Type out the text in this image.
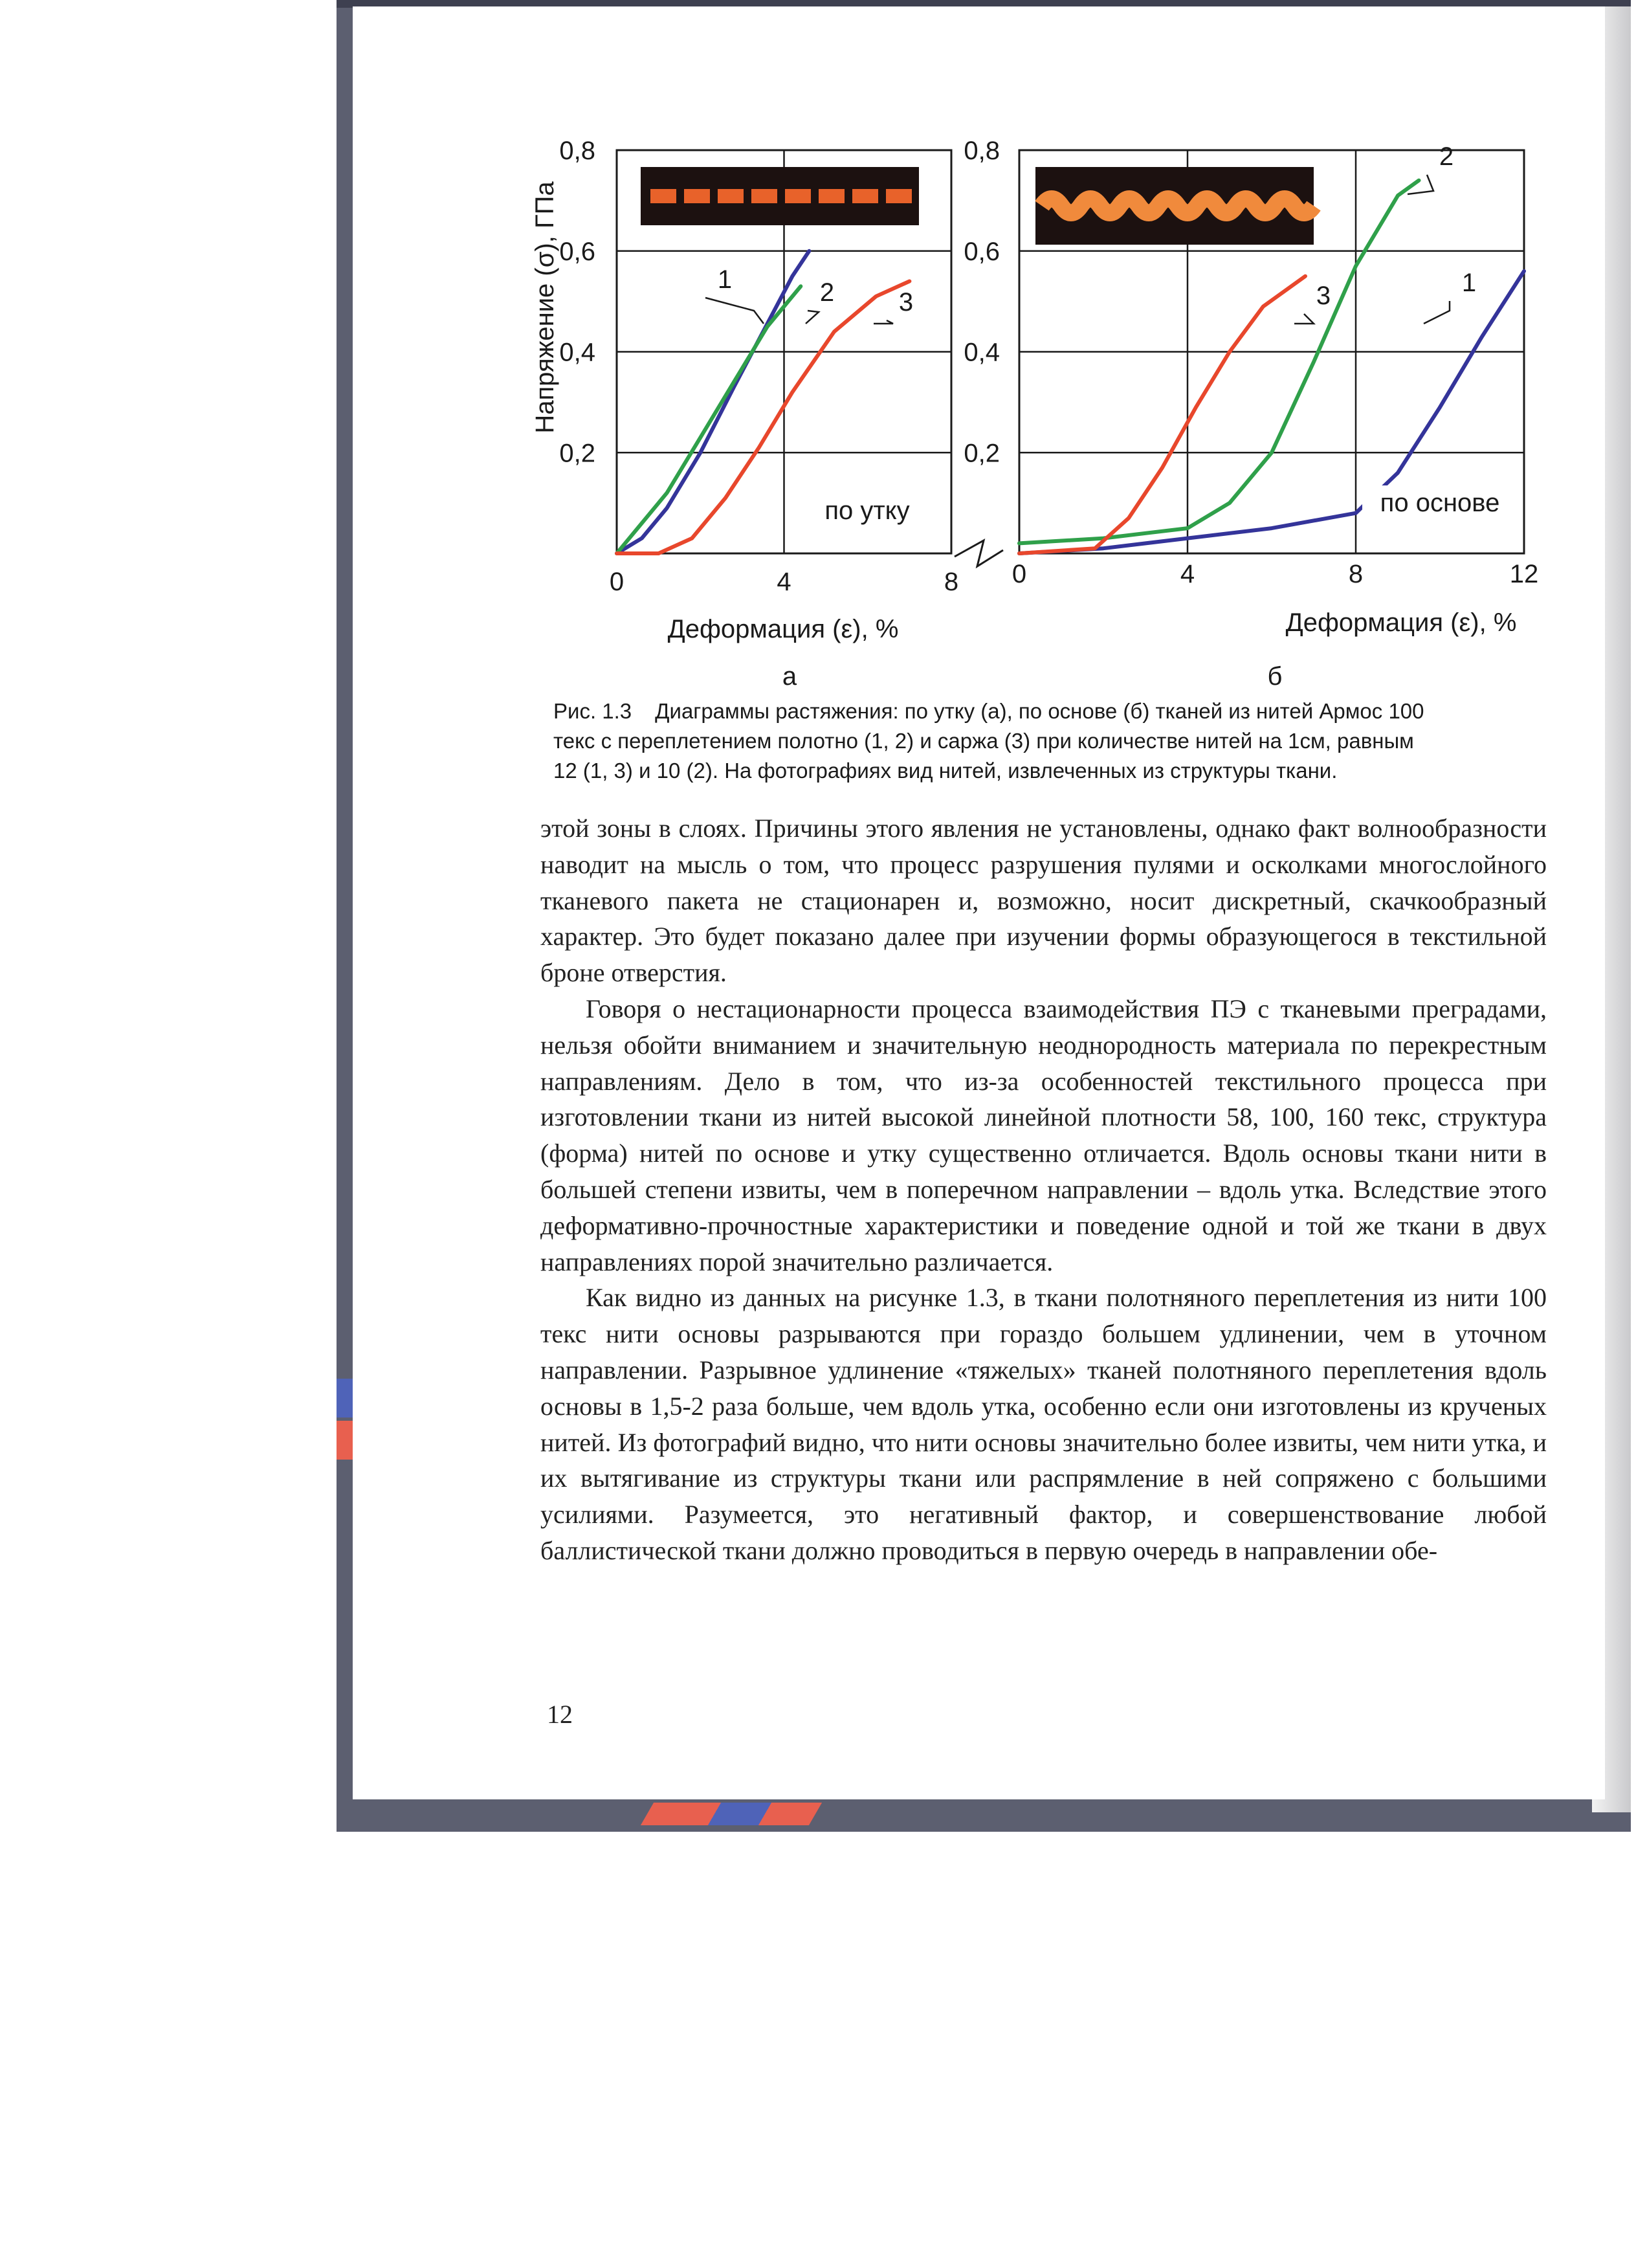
0,8
0,6
0,4
0,2
0	4	8
1	2 3
по утку
Деформация (ε), %
а
0,8
0,6
0,4
0,2
0	4	8	12
2
3	1
по основе
Деформация (ε), %
б
Напряжение (σ), ГПа
Рис. 1.3 Диаграммы растяжения: по утку (а), по основе (б) тканей из нитей Армос 100
текс с переплетением полотно (1, 2) и саржа (3) при количестве нитей на 1см, равным
12 (1, 3) и 10 (2). На фотографиях вид нитей, извлеченных из структуры ткани.

этой зоны в слоях. Причины этого явления не установлены, однако факт волнообразности наводит на мысль о том, что процесс разрушения пулями и осколками многослойного тканевого пакета не стационарен и, возможно, носит дискретный, скачкообразный характер. Это будет показано далее при изучении формы образующегося в текстильной броне отверстия.

Говоря о нестационарности процесса взаимодействия ПЭ с тканевыми преградами, нельзя обойти вниманием и значительную неоднородность материала по перекрестным направлениям. Дело в том, что из-за особенностей текстильного процесса при изготовлении ткани из нитей высокой линейной плотности 58, 100, 160 текс, структура (форма) нитей по основе и утку существенно отличается. Вдоль основы ткани нити в большей степени извиты, чем в поперечном направлении – вдоль утка. Вследствие этого деформативно-прочностные характеристики и поведение одной и той же ткани в двух направлениях порой значительно различается.

Как видно из данных на рисунке 1.3, в ткани полотняного переплетения из нити 100 текс нити основы разрываются при гораздо большем удлинении, чем в уточном направлении. Разрывное удлинение «тяжелых» тканей полотняного переплетения вдоль основы в 1,5-2 раза больше, чем вдоль утка, особенно если они изготовлены из крученых нитей. Из фотографий видно, что нити основы значительно более извиты, чем нити утка, и их вытягивание из структуры ткани или распрямление в ней сопряжено с большими усилиями. Разумеется, это негативный фактор, и совершенствование любой баллистической ткани должно проводиться в первую очередь в направлении обе-

12
